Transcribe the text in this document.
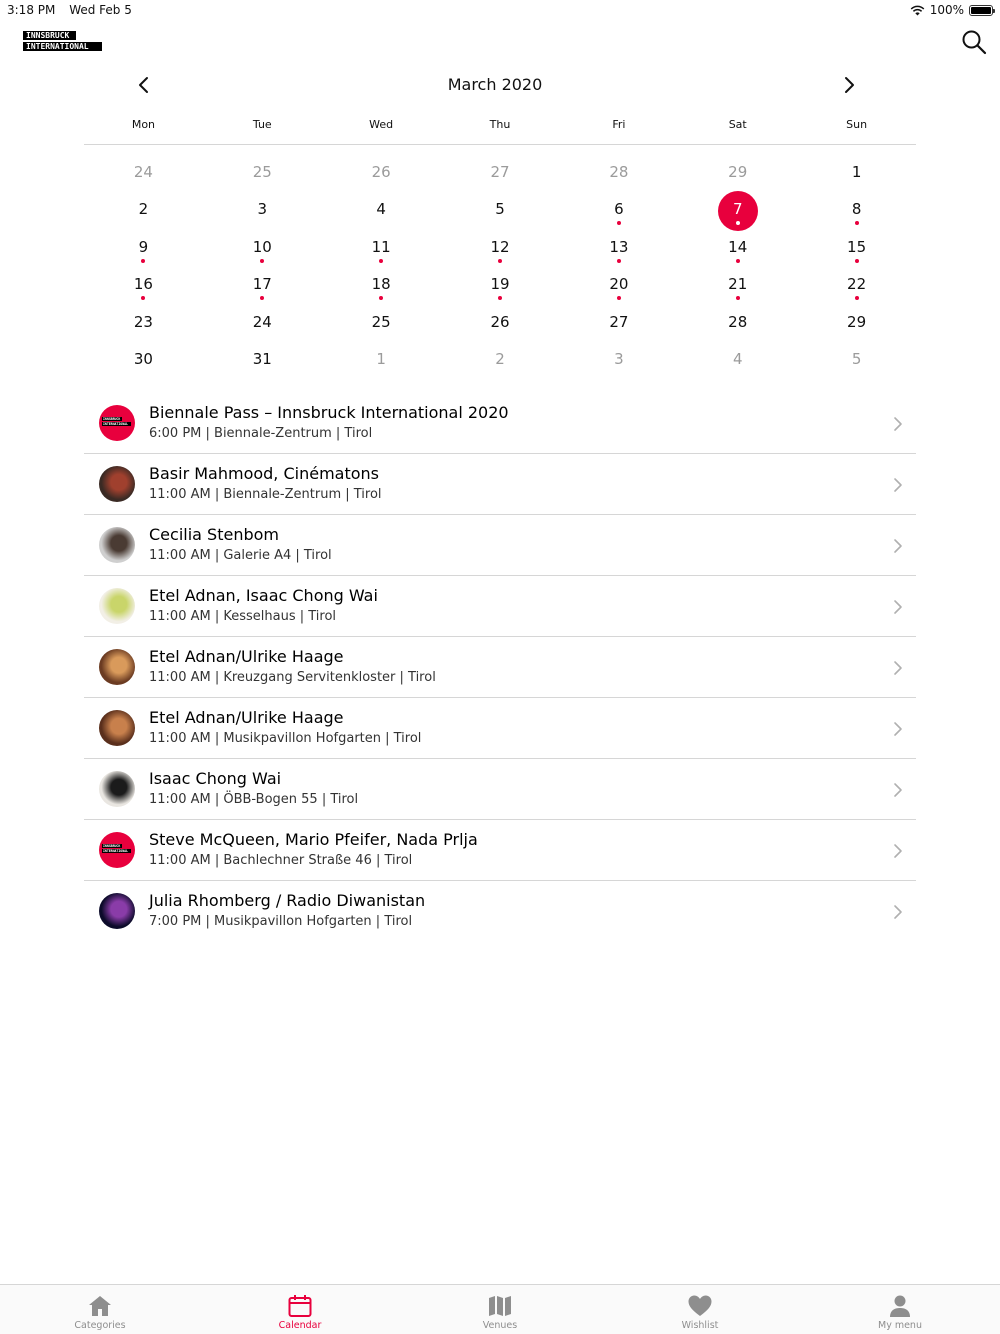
3:18 PM Wed Feb 5	100%
INNSBRUCK
INTERNATIONAL
March 2020
Mon	Tue	Wed	Thu	Fri	Sat	Sun
24	25	26	27	28	29	1
2	3	4	5	6	7	8
9	10	11	12	13	14	15
16	17	18	19	20	21	22
23	24	25	26	27	28	29
30	31	1	2	3	4	5
INNSBRUCK
INTERNATIONAL
Biennale Pass – Innsbruck International 2020
6:00 PM | Biennale-Zentrum | Tirol
Basir Mahmood, Cinématons
11:00 AM | Biennale-Zentrum | Tirol
Cecilia Stenbom
11:00 AM | Galerie A4 | Tirol
Etel Adnan, Isaac Chong Wai
11:00 AM | Kesselhaus | Tirol
Etel Adnan/Ulrike Haage
11:00 AM | Kreuzgang Servitenkloster | Tirol
Etel Adnan/Ulrike Haage
11:00 AM | Musikpavillon Hofgarten | Tirol
Isaac Chong Wai
11:00 AM | ÖBB-Bogen 55 | Tirol
INNSBRUCK
INTERNATIONAL
Steve McQueen, Mario Pfeifer, Nada Prlja
11:00 AM | Bachlechner Straße 46 | Tirol
Julia Rhomberg / Radio Diwanistan
7:00 PM | Musikpavillon Hofgarten | Tirol
Categories	Calendar	Venues	Wishlist	My menu
